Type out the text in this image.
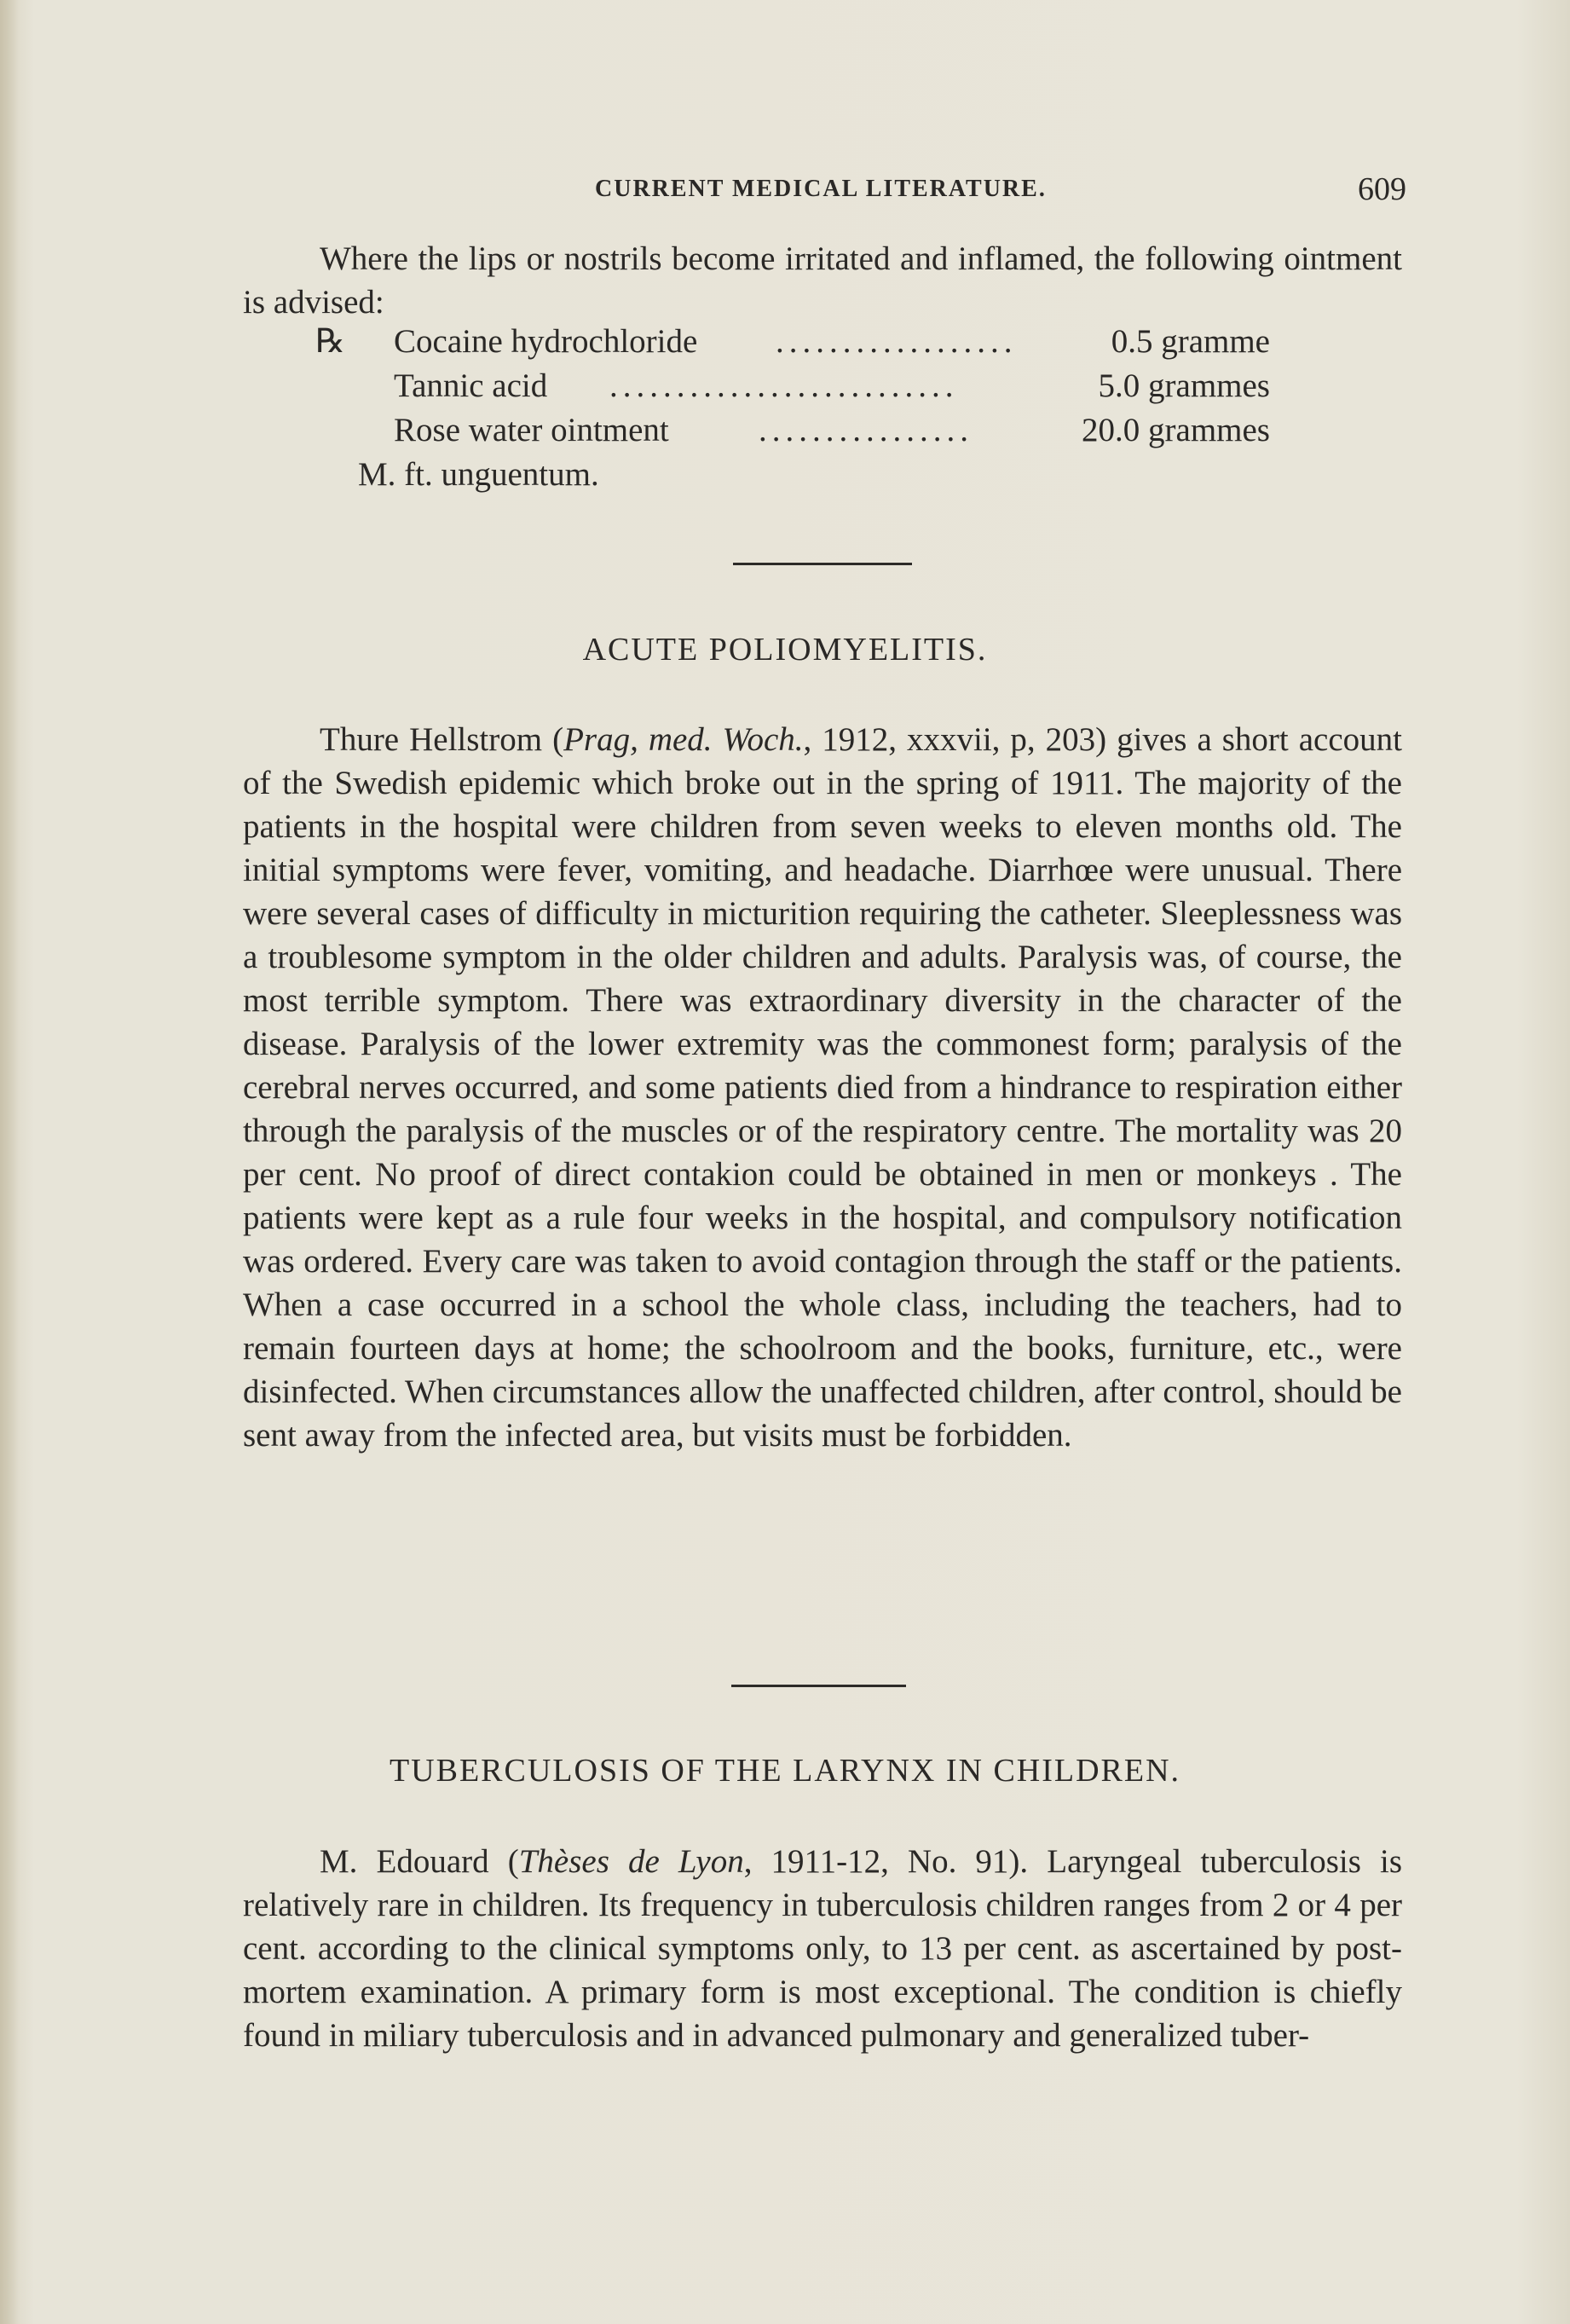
CURRENT MEDICAL LITERATURE.	609

Where the lips or nostrils become irritated and inflamed, the following ointment is advised:

℞ Cocaine hydrochloride ..................	0.5 gramme
Tannic acid ..........................	5.0 grammes
Rose water ointment	................	20.0 grammes
M. ft. unguentum.
ACUTE POLIOMYELITIS.

Thure Hellstrom (Prag, med. Woch., 1912, xxxvii, p, 203) gives a short account of the Swedish epidemic which broke out in the spring of 1911. The majority of the patients in the hospital were children from seven weeks to eleven months old. The initial symptoms were fever, vomiting, and headache. Diarrhœe were unusual. There were several cases of difficulty in micturition requiring the catheter. Sleeplessness was a troublesome symptom in the older children and adults. Paralysis was, of course, the most terrible symptom. There was extraordinary diversity in the character of the disease. Paralysis of the lower extremity was the commonest form; paralysis of the cerebral nerves occurred, and some patients died from a hindrance to respiration either through the paralysis of the muscles or of the respiratory centre. The mortality was 20 per cent. No proof of direct contakion could be obtained in men or monkeys . The patients were kept as a rule four weeks in the hospital, and compulsory notification was ordered. Every care was taken to avoid contagion through the staff or the patients. When a case occurred in a school the whole class, including the teachers, had to remain fourteen days at home; the schoolroom and the books, furniture, etc., were disinfected. When circumstances allow the unaffected children, after control, should be sent away from the infected area, but visits must be forbidden.

TUBERCULOSIS OF THE LARYNX IN CHILDREN.

M. Edouard (Thèses de Lyon, 1911-12, No. 91). Laryngeal tuberculosis is relatively rare in children. Its frequency in tuberculosis children ranges from 2 or 4 per cent. according to the clinical symptoms only, to 13 per cent. as ascertained by post-mortem examination. A primary form is most exceptional. The condition is chiefly found in miliary tuberculosis and in advanced pulmonary and generalized tuber-
